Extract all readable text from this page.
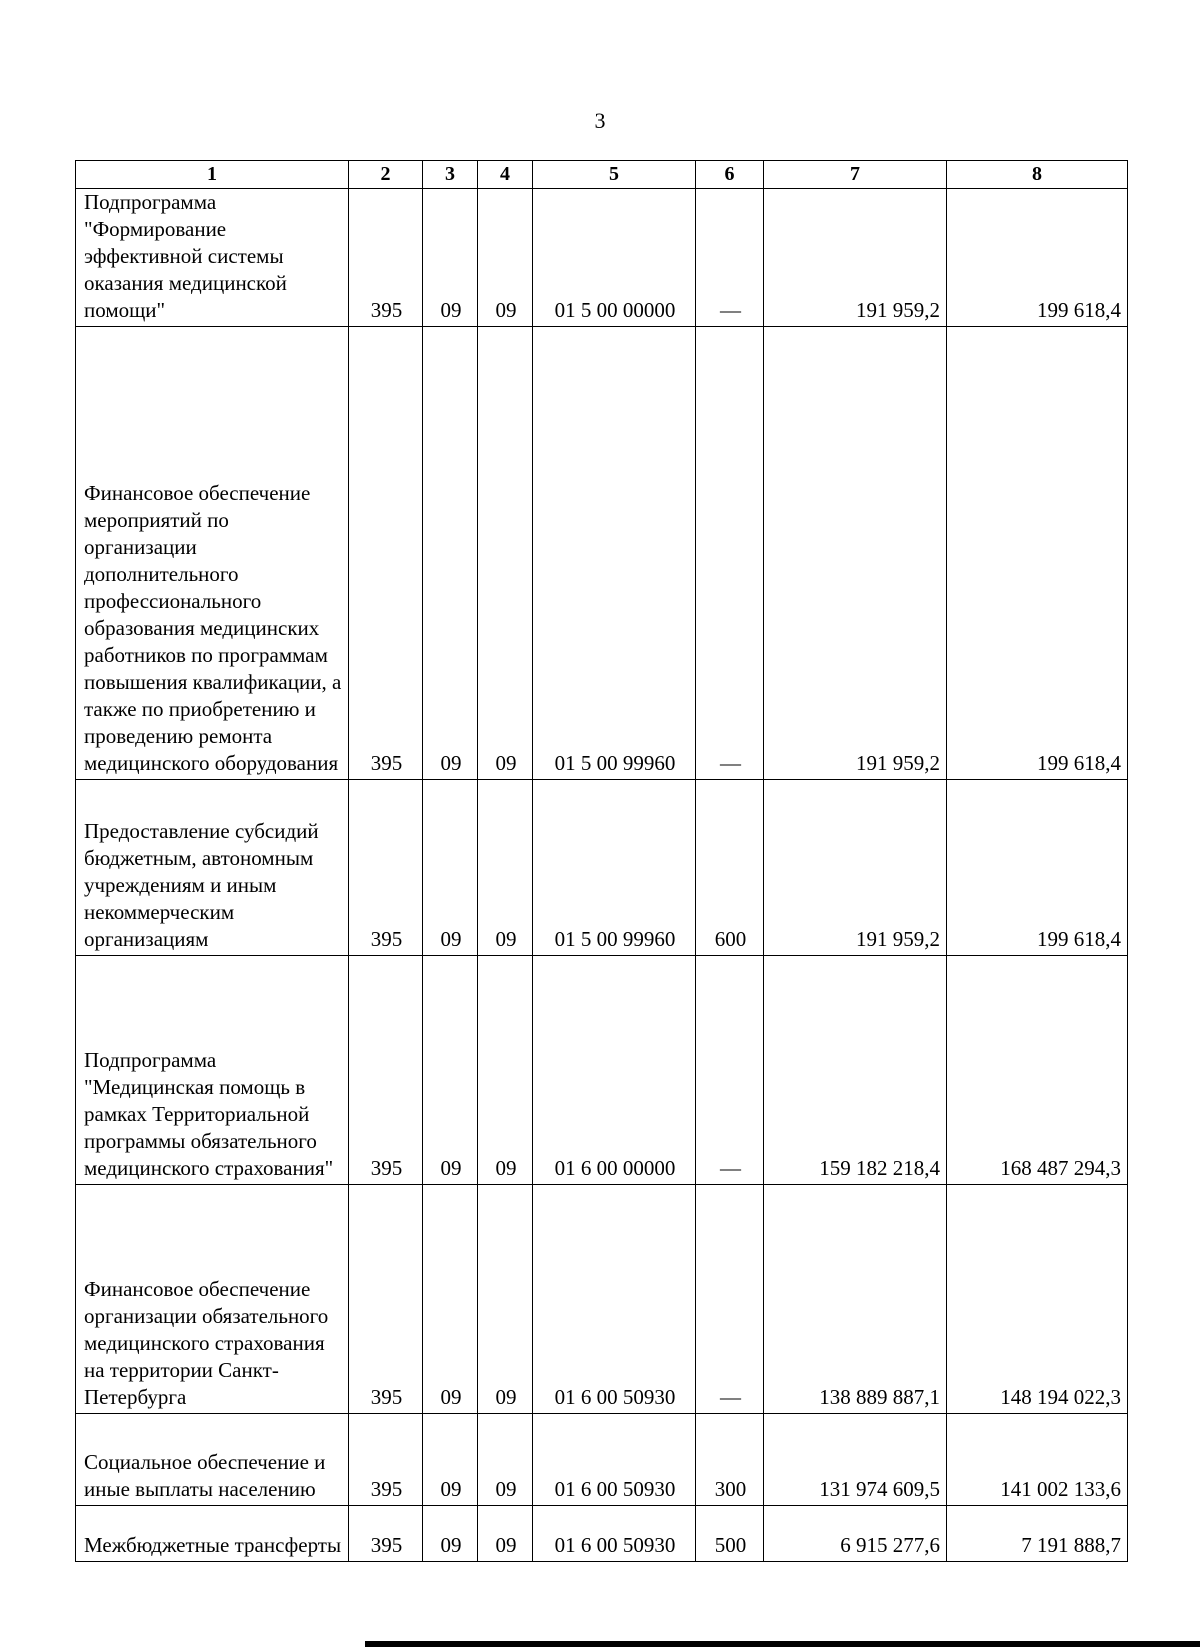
3
1	2	3	4	5	6	7	8
Подпрограмма "Формирование эффективной системы оказания медицинской помощи"	395	09	09	01 5 00 00000	—	191 959,2	199 618,4
Финансовое обеспечение мероприятий по организации дополнительного профессионального образования медицинских работников по программам повышения квалификации, а также по приобретению и проведению ремонта медицинского оборудования	395	09	09	01 5 00 99960	—	191 959,2	199 618,4
Предоставление субсидий бюджетным, автономным учреждениям и иным некоммерческим организациям	395	09	09	01 5 00 99960	600	191 959,2	199 618,4
Подпрограмма "Медицинская помощь в рамках Территориальной программы обязательного медицинского страхования"	395	09	09	01 6 00 00000	—	159 182 218,4	168 487 294,3
Финансовое обеспечение организации обязательного медицинского страхования на территории Санкт-Петербурга	395	09	09	01 6 00 50930	—	138 889 887,1	148 194 022,3
Социальное обеспечение и иные выплаты населению	395	09	09	01 6 00 50930	300	131 974 609,5	141 002 133,6
Межбюджетные трансферты	395	09	09	01 6 00 50930	500	6 915 277,6	7 191 888,7
